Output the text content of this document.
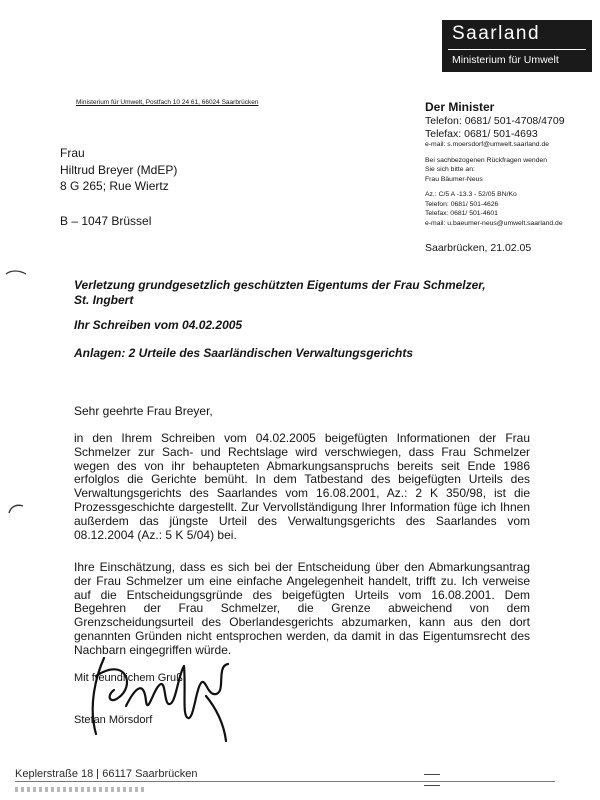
Saarland
Ministerium für Umwelt
Ministerium für Umwelt, Postfach 10 24 61, 66024 Saarbrücken
Frau
Hiltrud Breyer (MdEP)
8 G 265; Rue Wiertz
B – 1047 Brüssel
Der Minister
Telefon: 0681/ 501-4708/4709
Telefax: 0681/ 501-4693
e-mail: s.moersdorf@umwelt.saarland.de
Bei sachbezogenen Rückfragen wenden
Sie sich bitte an:
Frau Bäumer-Neus
Az.: C/5 A -13.3 - 52/05 BN/Ko
Telefon: 0681/ 501-4626
Telefax: 0681/ 501-4601
e-mail: u.baeumer-neus@umwelt.saarland.de
Saarbrücken, 21.02.05
Verletzung grundgesetzlich geschützten Eigentums der Frau Schmelzer,
St. Ingbert
Ihr Schreiben vom 04.02.2005
Anlagen: 2 Urteile des Saarländischen Verwaltungsgerichts
Sehr geehrte Frau Breyer,
in den Ihrem Schreiben vom 04.02.2005 beigefügten Informationen der Frau Schmelzer zur Sach- und Rechtslage wird verschwiegen, dass Frau Schmelzer wegen des von ihr behaupteten Abmarkungsanspruchs bereits seit Ende 1986 erfolglos die Gerichte bemüht. In dem Tatbestand des beigefügten Urteils des Verwaltungsgerichts des Saarlandes vom 16.08.2001, Az.: 2 K 350/98, ist die Prozessgeschichte dargestellt. Zur Vervollständigung Ihrer Information füge ich Ihnen außerdem das jüngste Urteil des Verwaltungsgerichts des Saarlandes vom 08.12.2004 (Az.: 5 K 5/04) bei.
Ihre Einschätzung, dass es sich bei der Entscheidung über den Abmarkungsantrag der Frau Schmelzer um eine einfache Angelegenheit handelt, trifft zu. Ich verweise auf die Entscheidungsgründe des beigefügten Urteils vom 16.08.2001. Dem Begehren der Frau Schmelzer, die Grenze abweichend von dem Grenzscheidungsurteil des Oberlandesgerichts abzumarken, kann aus den dort genannten Gründen nicht entsprochen werden, da damit in das Eigentumsrecht des Nachbarn eingegriffen würde.
Mit freundlichem Gruß
Stefan Mörsdorf
Keplerstraße 18 66117 Saarbrücken
